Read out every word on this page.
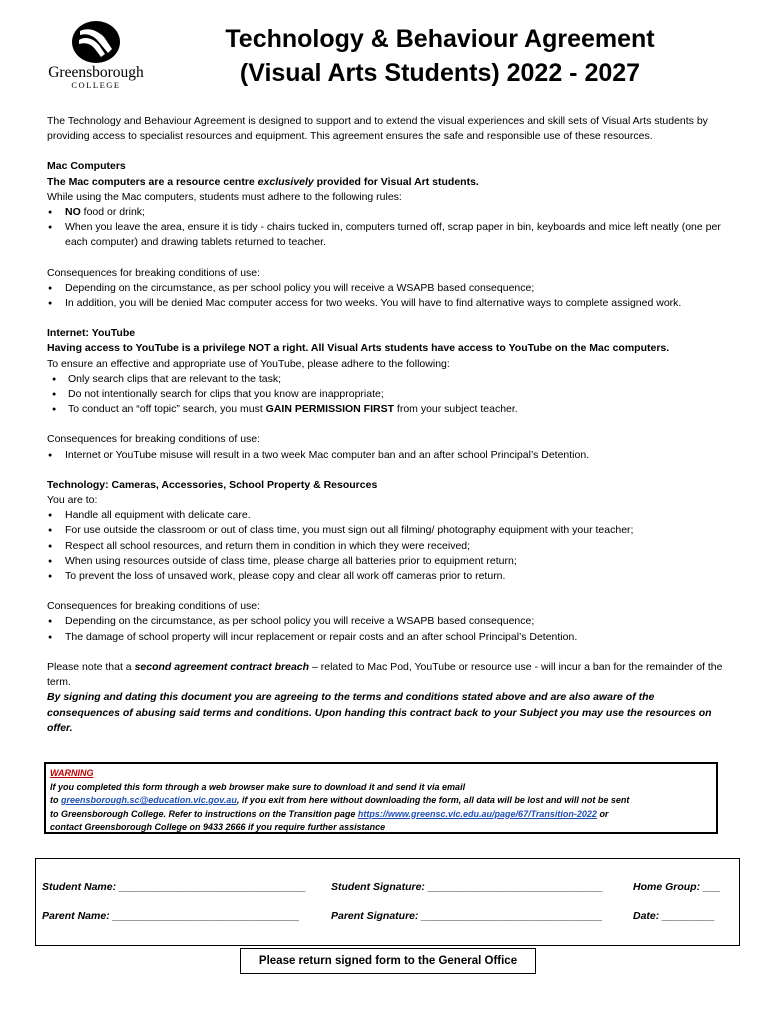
Greensborough
COLLEGE
Technology & Behaviour Agreement
(Visual Arts Students) 2022 - 2027

The Technology and Behaviour Agreement is designed to support and to extend the visual experiences and skill sets of Visual Arts students by providing access to specialist resources and equipment. This agreement ensures the safe and responsible use of these resources.

Mac Computers

The Mac computers are a resource centre exclusively provided for Visual Art students.

While using the Mac computers, students must adhere to the following rules:

● NO food or drink;
● When you leave the area, ensure it is tidy - chairs tucked in, computers turned off, scrap paper in bin, keyboards and mice left neatly (one per each computer) and drawing tablets returned to teacher.

Consequences for breaking conditions of use:

● Depending on the circumstance, as per school policy you will receive a WSAPB based consequence;
● In addition, you will be denied Mac computer access for two weeks. You will have to find alternative ways to complete assigned work.

Internet: YouTube

Having access to YouTube is a privilege NOT a right. All Visual Arts students have access to YouTube on the Mac computers.

To ensure an effective and appropriate use of YouTube, please adhere to the following:

● Only search clips that are relevant to the task;
● Do not intentionally search for clips that you know are inappropriate;
● To conduct an “off topic” search, you must GAIN PERMISSION FIRST from your subject teacher.

Consequences for breaking conditions of use:

● Internet or YouTube misuse will result in a two week Mac computer ban and an after school Principal’s Detention.

Technology: Cameras, Accessories, School Property & Resources

You are to:

● Handle all equipment with delicate care.
● For use outside the classroom or out of class time, you must sign out all filming/ photography equipment with your teacher;
● Respect all school resources, and return them in condition in which they were received;
● When using resources outside of class time, please charge all batteries prior to equipment return;
● To prevent the loss of unsaved work, please copy and clear all work off cameras prior to return.

Consequences for breaking conditions of use:

● Depending on the circumstance, as per school policy you will receive a WSAPB based consequence;
● The damage of school property will incur replacement or repair costs and an after school Principal’s Detention.

Please note that a second agreement contract breach – related to Mac Pod, YouTube or resource use - will incur a ban for the remainder of the term.

By signing and dating this document you are agreeing to the terms and conditions stated above and are also aware of the consequences of abusing said terms and conditions. Upon handing this contract back to your Subject you may use the resources on offer.

WARNING
If you completed this form through a web browser make sure to download it and send it via email
to greensborough.sc@education.vic.gov.au, if you exit from here without downloading the form, all data will be lost and will not be sent
to Greensborough College. Refer to instructions on the Transition page https://www.greensc.vic.edu.au/page/67/Transition-2022 or
contact Greensborough College on 9433 2666 if you require further assistance
Student Name: ________________________________ Student Signature: ______________________________	Home Group: ___
Parent Name: ________________________________	Parent Signature: _______________________________	Date: _________
Please return signed form to the General Office
